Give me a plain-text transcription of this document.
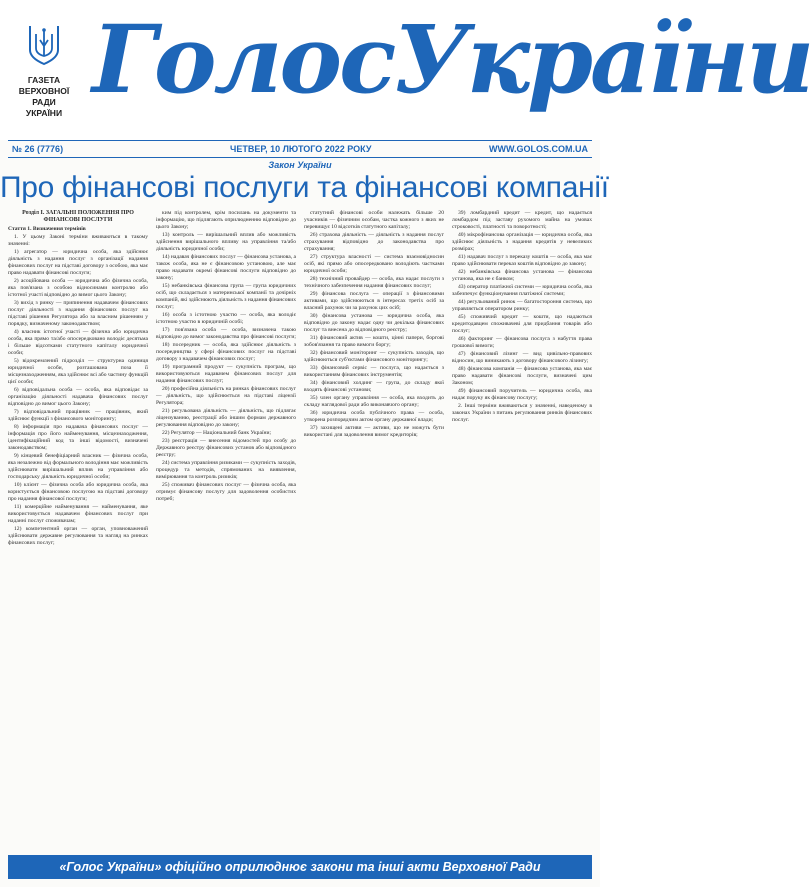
ГАЗЕТА
ВЕРХОВНОЇ РАДИ
УКРАЇНИ ГолосУкраїни
№ 26 (7776)	ЧЕТВЕР, 10 ЛЮТОГО 2022 РОКУ	WWW.GOLOS.COM.UA
Закон України
Про фінансові послуги та фінансові компанії

Розділ I. ЗАГАЛЬНІ ПОЛОЖЕННЯ ПРО ФІНАНСОВІ ПОСЛУГИ

Стаття 1. Визначення термінів

1. У цьому Законі терміни вживаються в такому значенні:

1) агрегатор — юридична особа, яка здійснює діяльність з надання послуг з організації надання фінансових послуг на підставі договору з особою, яка має право надавати фінансові послуги;

2) асоційована особа — юридична або фізична особа, яка пов'язана з особою відносинами контролю або істотної участі відповідно до вимог цього Закону;

3) вихід з ринку — припинення надавачем фінансових послуг діяльності з надання фінансових послуг на підставі рішення Регулятора або за власним рішенням у порядку, визначеному законодавством;

4) власник істотної участі — фізична або юридична особа, яка прямо та/або опосередковано володіє десятьма і більше відсотками статутного капіталу юридичної особи;

5) відокремлений підрозділ — структурна одиниця юридичної особи, розташована поза її місцезнаходженням, яка здійснює всі або частину функцій цієї особи;

6) відповідальна особа — особа, яка відповідає за організацію діяльності надавача фінансових послуг відповідно до вимог цього Закону;

7) відповідальний працівник — працівник, який здійснює функції з фінансового моніторингу;

8) інформація про надавача фінансових послуг — інформація про його найменування, місцезнаходження, ідентифікаційний код та інші відомості, визначені законодавством;

9) кінцевий бенефіціарний власник — фізична особа, яка незалежно від формального володіння має можливість здійснювати вирішальний вплив на управління або господарську діяльність юридичної особи;

10) клієнт — фізична особа або юридична особа, яка користується фінансовою послугою на підставі договору про надання фінансової послуги;

11) комерційне найменування — найменування, яке використовується надавачем фінансових послуг при наданні послуг споживачам;

12) компетентний орган — орган, уповноважений здійснювати державне регулювання та нагляд на ринках фінансових послуг;

ким під контролем, крім посилань на документи та інформацію, що підлягають оприлюдненню відповідно до цього Закону;

13) контроль — вирішальний вплив або можливість здійснення вирішального впливу на управління та/або діяльність юридичної особи;

14) надавач фінансових послуг — фінансова установа, а також особа, яка не є фінансовою установою, але має право надавати окремі фінансові послуги відповідно до закону;

15) небанківська фінансова група — група юридичних осіб, що складається з материнської компанії та дочірніх компаній, які здійснюють діяльність з надання фінансових послуг;

16) особа з істотною участю — особа, яка володіє істотною участю в юридичній особі;

17) пов'язана особа — особа, визначена такою відповідно до вимог законодавства про фінансові послуги;

18) посередник — особа, яка здійснює діяльність з посередництва у сфері фінансових послуг на підставі договору з надавачем фінансових послуг;

19) програмний продукт — сукупність програм, що використовуються надавачем фінансових послуг для надання фінансових послуг;

20) професійна діяльність на ринках фінансових послуг — діяльність, що здійснюється на підставі ліцензії Регулятора;

21) регульована діяльність — діяльність, що підлягає ліцензуванню, реєстрації або іншим формам державного регулювання відповідно до закону;

22) Регулятор — Національний банк України;

23) реєстрація — внесення відомостей про особу до Державного реєстру фінансових установ або відповідного реєстру;

24) система управління ризиками — сукупність заходів, процедур та методів, спрямованих на виявлення, вимірювання та контроль ризиків;

25) споживач фінансових послуг — фізична особа, яка отримує фінансову послугу для задоволення особистих потреб;

статутний фінансові особи належать більше 20 учасників — фізичним особам, частка кожного з яких не перевищує 10 відсотків статутного капіталу;

26) страхова діяльність — діяльність з надання послуг страхування відповідно до законодавства про страхування;

27) структура власності — система взаємовідносин осіб, які прямо або опосередковано володіють частками юридичної особи;

28) технічний провайдер — особа, яка надає послуги з технічного забезпечення надання фінансових послуг;

29) фінансова послуга — операції з фінансовими активами, що здійснюються в інтересах третіх осіб за власний рахунок чи за рахунок цих осіб;

30) фінансова установа — юридична особа, яка відповідно до закону надає одну чи декілька фінансових послуг та внесена до відповідного реєстру;

31) фінансовий актив — кошти, цінні папери, боргові зобов'язання та право вимоги боргу;

32) фінансовий моніторинг — сукупність заходів, що здійснюються суб'єктами фінансового моніторингу;

33) фінансовий сервіс — послуга, що надається з використанням фінансових інструментів;

34) фінансовий холдинг — група, до складу якої входять фінансові установи;

35) член органу управління — особа, яка входить до складу наглядової ради або виконавчого органу;

36) юридична особа публічного права — особа, утворена розпорядчим актом органу державної влади;

37) захищені активи — активи, що не можуть бути використані для задоволення вимог кредиторів;

39) ломбардний кредит — кредит, що надається ломбардом під заставу рухомого майна на умовах строковості, платності та поворотності;

40) мікрофінансова організація — юридична особа, яка здійснює діяльність з надання кредитів у невеликих розмірах;

41) надавач послуг з переказу коштів — особа, яка має право здійснювати переказ коштів відповідно до закону;

42) небанківська фінансова установа — фінансова установа, яка не є банком;

43) оператор платіжної системи — юридична особа, яка забезпечує функціонування платіжної системи;

44) регульований ринок — багатостороння система, що управляється оператором ринку;

45) споживчий кредит — кошти, що надаються кредитодавцем споживачеві для придбання товарів або послуг;

46) факторинг — фінансова послуга з набуття права грошової вимоги;

47) фінансовий лізинг — вид цивільно-правових відносин, що виникають з договору фінансового лізингу;

48) фінансова компанія — фінансова установа, яка має право надавати фінансові послуги, визначені цим Законом;

49) фінансовий поручитель — юридична особа, яка надає поруку як фінансову послугу;

2. Інші терміни вживаються у значенні, наведеному в законах України з питань регулювання ринків фінансових послуг.

«Голос України» офіційно оприлюднює закони та інші акти Верховної Ради
